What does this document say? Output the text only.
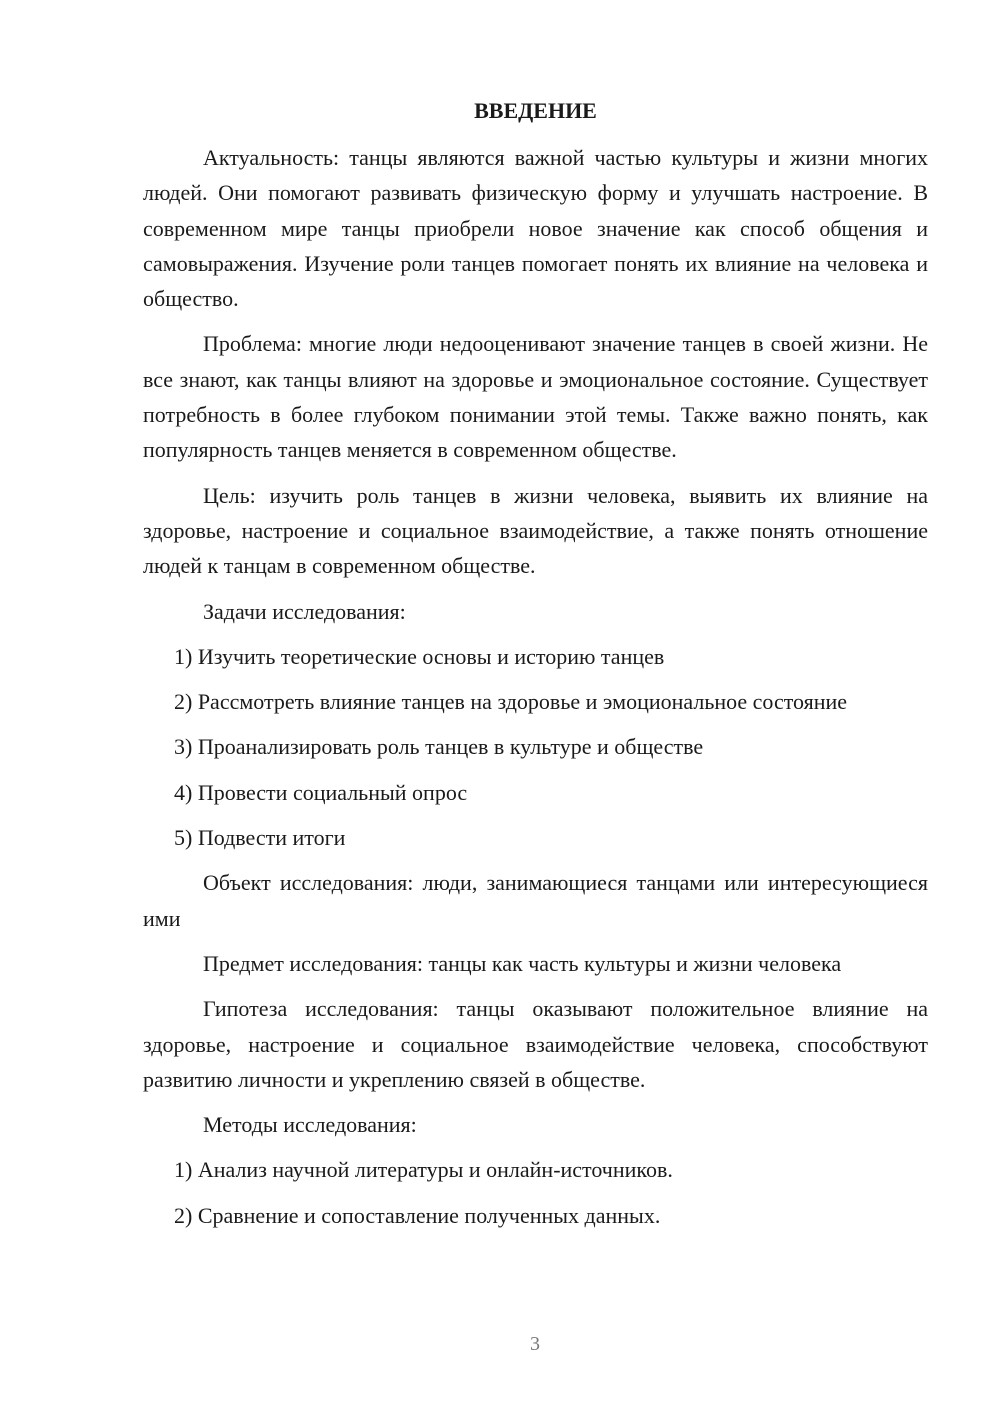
ВВЕДЕНИЕ

Актуальность: танцы являются важной частью культуры и жизни многих людей. Они помогают развивать физическую форму и улучшать настроение. В современном мире танцы приобрели новое значение как способ общения и самовыражения. Изучение роли танцев помогает понять их влияние на человека и общество.

Проблема: многие люди недооценивают значение танцев в своей жизни. Не все знают, как танцы влияют на здоровье и эмоциональное состояние. Существует потребность в более глубоком понимании этой темы. Также важно понять, как популярность танцев меняется в современном обществе.

Цель: изучить роль танцев в жизни человека, выявить их влияние на здоровье, настроение и социальное взаимодействие, а также понять отношение людей к танцам в современном обществе.

Задачи исследования:

1) Изучить теоретические основы и историю танцев

2) Рассмотреть влияние танцев на здоровье и эмоциональное состояние

3) Проанализировать роль танцев в культуре и обществе

4) Провести социальный опрос

5) Подвести итоги

Объект исследования: люди, занимающиеся танцами или интересующиеся ими

Предмет исследования: танцы как часть культуры и жизни человека

Гипотеза исследования: танцы оказывают положительное влияние на здоровье, настроение и социальное взаимодействие человека, способствуют развитию личности и укреплению связей в обществе.

Методы исследования:

1) Анализ научной литературы и онлайн-источников.

2) Сравнение и сопоставление полученных данных.

3
